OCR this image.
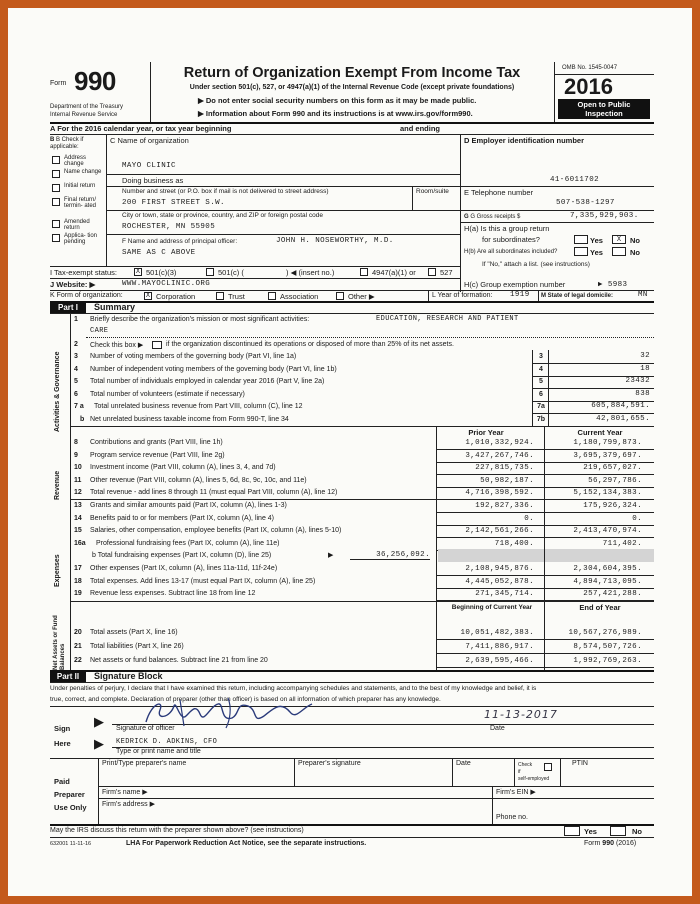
Form 990
Department of the Treasury
Internal Revenue Service
Return of Organization Exempt From Income Tax
Under section 501(c), 527, or 4947(a)(1) of the Internal Revenue Code (except private foundations)
▶ Do not enter social security numbers on this form as it may be made public.
▶ Information about Form 990 and its instructions is at www.irs.gov/form990.
OMB No. 1545-0047
2016
Open to Public
Inspection
A For the 2016 calendar year, or tax year beginning	and ending
B B Check if applicable:
Address change
Name change
Initial return
Final return/ termin- ated
Amended return
Applica- tion pending
C Name of organization
MAYO CLINIC
Doing business as
Number and street (or P.O. box if mail is not delivered to street address)	Room/suite
200 FIRST STREET S.W.
City or town, state or province, country, and ZIP or foreign postal code
ROCHESTER, MN 55905
F Name and address of principal officer:	JOHN H. NOSEWORTHY, M.D.
SAME AS C ABOVE
D Employer identification number
41-6011702
E Telephone number
507-538-1297
G G Gross receipts $	7,335,929,903.
H(a) Is this a group return
for subordinates?	Yes	X	No
H(b) Are all subordinates included?	Yes	No
If "No," attach a list. (see instructions)
I Tax-exempt status:	X 501(c)(3)	501(c) (	) ◀ (insert no.)	4947(a)(1) or	527
J Website: ▶	WWW.MAYOCLINIC.ORG	H(c) Group exemption number	▶ 5983
K Form of organization:	X Corporation	Trust	Association	Other ▶	L Year of formation: 1919 M State of legal domicile:	MN
Part I	Summary
Activities & Governance
Revenue
Expenses
Net Assets or Fund Balances
1 Briefly describe the organization's mission or most significant activities:	EDUCATION, RESEARCH AND PATIENT
CARE
2 Check this box ▶	if the organization discontinued its operations or disposed of more than 25% of its net assets.
3 Number of voting members of the governing body (Part VI, line 1a)	3	32
4 Number of independent voting members of the governing body (Part VI, line 1b)	4	18
5 Total number of individuals employed in calendar year 2016 (Part V, line 2a)	5	23432
6 Total number of volunteers (estimate if necessary)	6	838
7 a Total unrelated business revenue from Part VIII, column (C), line 12	7a	605,884,591.
b Net unrelated business taxable income from Form 990-T, line 34	7b	42,801,655.
Prior Year	Current Year
8 Contributions and grants (Part VIII, line 1h)	1,010,332,924.	1,180,799,873.
9 Program service revenue (Part VIII, line 2g)	3,427,267,746.	3,695,379,697.
10 Investment income (Part VIII, column (A), lines 3, 4, and 7d)	227,815,735.	219,657,027.
11 Other revenue (Part VIII, column (A), lines 5, 6d, 8c, 9c, 10c, and 11e)	50,982,187.	56,297,786.
12 Total revenue - add lines 8 through 11 (must equal Part VIII, column (A), line 12)	4,716,398,592.	5,152,134,383.
13 Grants and similar amounts paid (Part IX, column (A), lines 1-3)	192,827,336.	175,926,324.
14 Benefits paid to or for members (Part IX, column (A), line 4)	0.	0.
15 Salaries, other compensation, employee benefits (Part IX, column (A), lines 5-10)	2,142,561,266.	2,413,470,974.
16a Professional fundraising fees (Part IX, column (A), line 11e)	718,400.	711,402.
b Total fundraising expenses (Part IX, column (D), line 25)	▶	36,256,092.
17 Other expenses (Part IX, column (A), lines 11a-11d, 11f-24e)	2,108,945,876.	2,304,604,395.
18 Total expenses. Add lines 13-17 (must equal Part IX, column (A), line 25)	4,445,052,878.	4,894,713,095.
19 Revenue less expenses. Subtract line 18 from line 12	271,345,714.	257,421,288.
Beginning of Current Year	End of Year
20 Total assets (Part X, line 16)	10,051,482,383.	10,567,276,989.
21 Total liabilities (Part X, line 26)	7,411,886,917.	8,574,507,726.
22 Net assets or fund balances. Subtract line 21 from line 20	2,639,595,466.	1,992,769,263.
Part II	Signature Block
Under penalties of perjury, I declare that I have examined this return, including accompanying schedules and statements, and to the best of my knowledge and belief, it is
true, correct, and complete. Declaration of preparer (other than officer) is based on all information of which preparer has any knowledge.
Sign
Here
▶
▶
Signature of officer	Date
11-13-2017
KEDRICK D. ADKINS, CFO
Type or print name and title
Paid
Preparer
Use Only
Print/Type preparer's name	Preparer's signature	Date	Check
if
self-employed
PTIN
Firm's name ▶	Firm's EIN ▶
Firm's address ▶
Phone no.
May the IRS discuss this return with the preparer shown above? (see instructions)	Yes	No
632001 11-11-16	LHA For Paperwork Reduction Act Notice, see the separate instructions.	Form 990 (2016)
